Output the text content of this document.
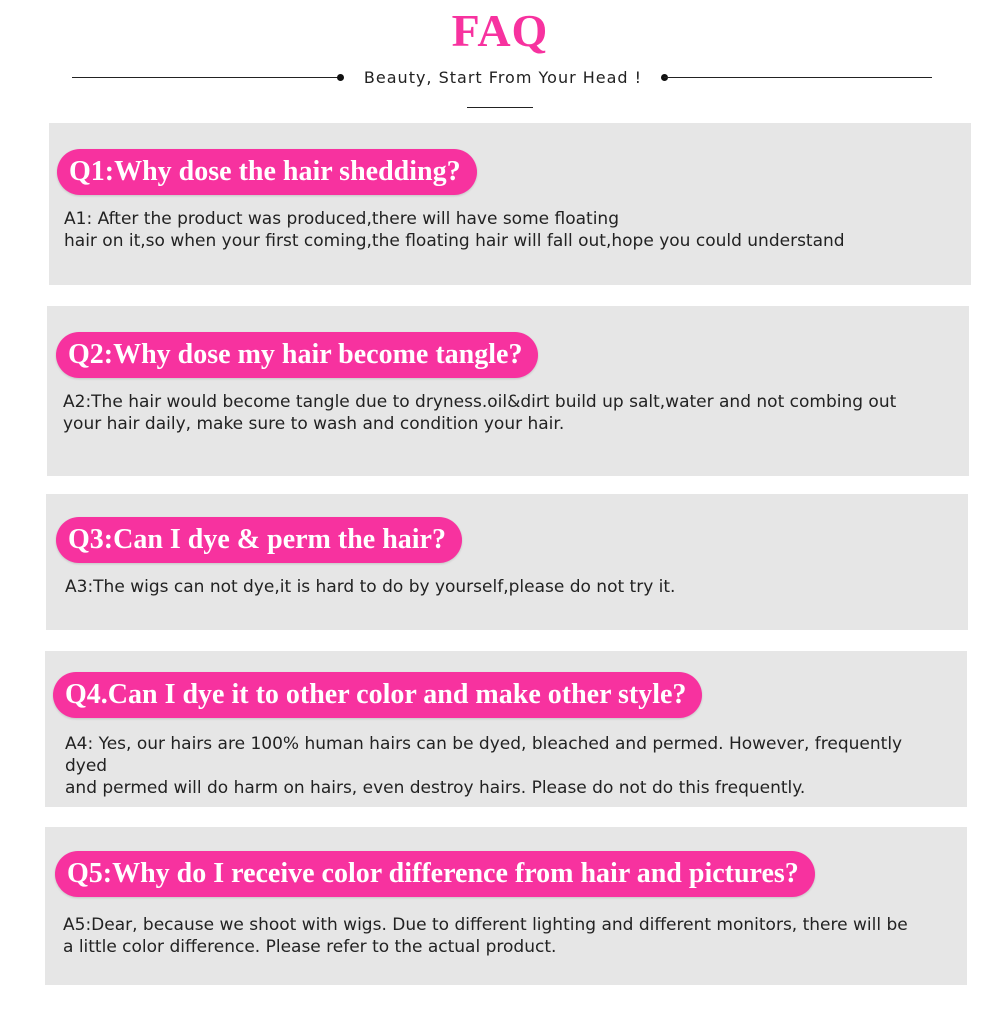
FAQ
Beauty, Start From Your Head !
Q1:Why dose the hair shedding?
A1: After the product was produced,there will have some floating
hair on it,so when your first coming,the floating hair will fall out,hope you could understand
Q2:Why dose my hair become tangle?
A2:The hair would become tangle due to dryness.oil&dirt build up salt,water and not combing out
your hair daily, make sure to wash and condition your hair.
Q3:Can I dye & perm the hair?
A3:The wigs can not dye,it is hard to do by yourself,please do not try it.
Q4.Can I dye it to other color and make other style?
A4: Yes, our hairs are 100% human hairs can be dyed, bleached and permed. However, frequently dyed
and permed will do harm on hairs, even destroy hairs. Please do not do this frequently.
Q5:Why do I receive color difference from hair and pictures?
A5:Dear, because we shoot with wigs. Due to different lighting and different monitors, there will be
a little color difference. Please refer to the actual product.
